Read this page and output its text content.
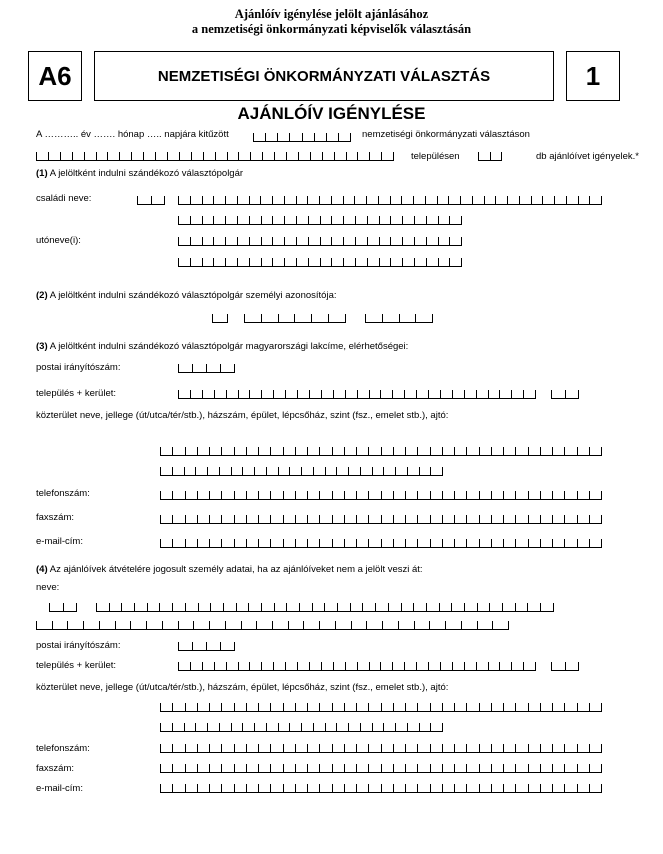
Ajánlóív igénylése jelölt ajánlásához
a nemzetiségi önkormányzati képviselők választásán
A6	NEMZETISÉGI ÖNKORMÁNYZATI VÁLASZTÁS	1
AJÁNLÓÍV IGÉNYLÉSE
A ……….. év ……. hónap ….. napjára kitűzött	nemzetiségi önkormányzati választáson
településen	db ajánlóívet igényelek.*
(1) A jelöltként indulni szándékozó választópolgár
családi neve:
utóneve(i):
(2) A jelöltként indulni szándékozó választópolgár személyi azonosítója:
(3) A jelöltként indulni szándékozó választópolgár magyarországi lakcíme, elérhetőségei:
postai irányítószám:
település + kerület:
közterület neve, jellege (út/utca/tér/stb.), házszám, épület, lépcsőház, szint (fsz., emelet stb.), ajtó:
telefonszám:
faxszám:
e-mail-cím:
(4) Az ajánlóívek átvételére jogosult személy adatai, ha az ajánlóíveket nem a jelölt veszi át:
neve:
postai irányítószám:
település + kerület:
közterület neve, jellege (út/utca/tér/stb.), házszám, épület, lépcsőház, szint (fsz., emelet stb.), ajtó:
telefonszám:
faxszám:
e-mail-cím:
